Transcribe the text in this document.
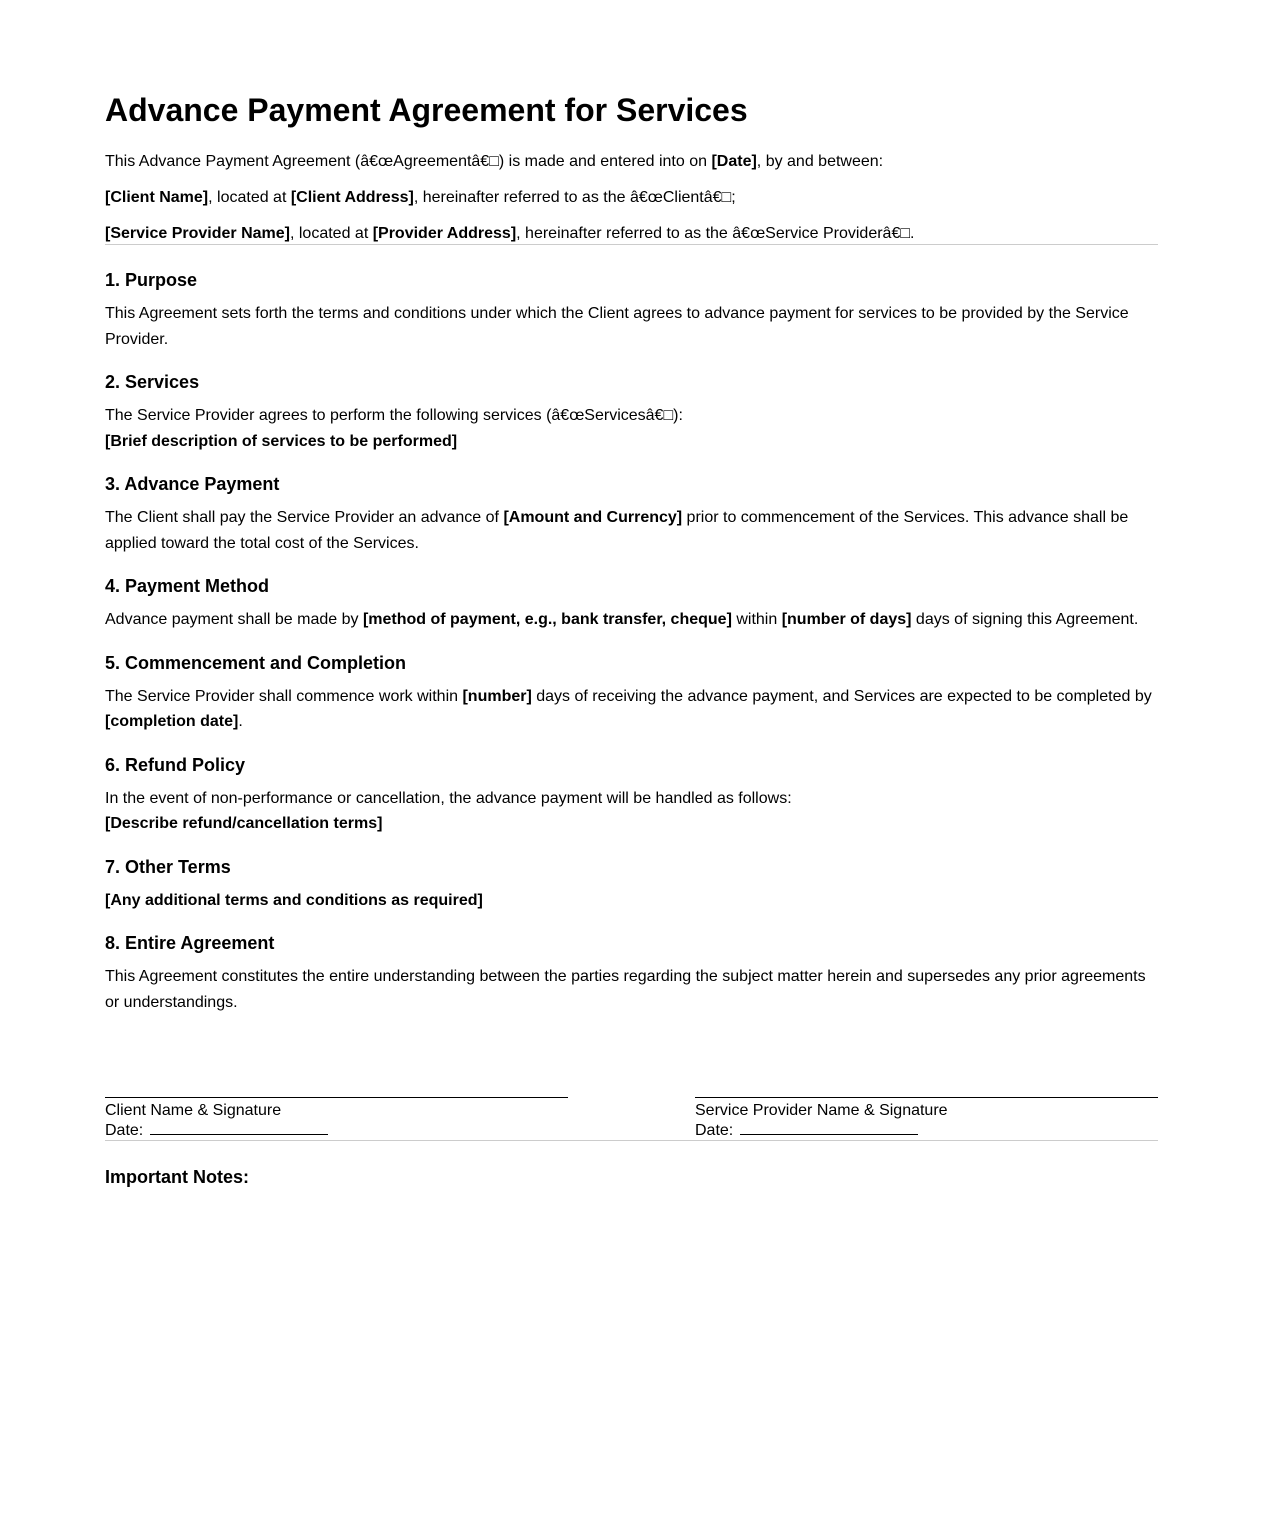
Advance Payment Agreement for Services

This Advance Payment Agreement (â€œAgreementâ€□) is made and entered into on [Date], by and between:

[Client Name], located at [Client Address], hereinafter referred to as the â€œClientâ€□;

[Service Provider Name], located at [Provider Address], hereinafter referred to as the â€œService Providerâ€□.

1. Purpose

This Agreement sets forth the terms and conditions under which the Client agrees to advance payment for services to be provided by the Service Provider.

2. Services

The Service Provider agrees to perform the following services (â€œServicesâ€□):
[Brief description of services to be performed]

3. Advance Payment

The Client shall pay the Service Provider an advance of [Amount and Currency] prior to commencement of the Services. This advance shall be applied toward the total cost of the Services.

4. Payment Method

Advance payment shall be made by [method of payment, e.g., bank transfer, cheque] within [number of days] days of signing this Agreement.

5. Commencement and Completion

The Service Provider shall commence work within [number] days of receiving the advance payment, and Services are expected to be completed by [completion date].

6. Refund Policy

In the event of non-performance or cancellation, the advance payment will be handled as follows:
[Describe refund/cancellation terms]

7. Other Terms

[Any additional terms and conditions as required]

8. Entire Agreement

This Agreement constitutes the entire understanding between the parties regarding the subject matter herein and supersedes any prior agreements or understandings.

Client Name & Signature
Date:
Service Provider Name & Signature
Date:
Important Notes:
